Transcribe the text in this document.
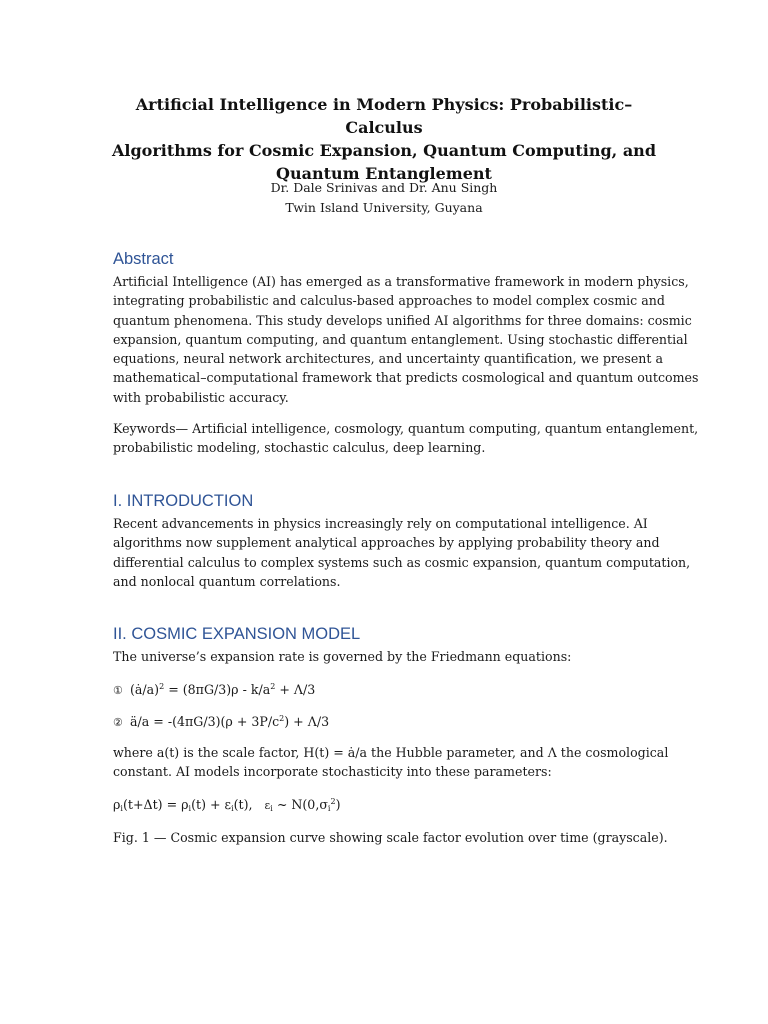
Artificial Intelligence in Modern Physics: Probabilistic–Calculus
Algorithms for Cosmic Expansion, Quantum Computing, and
Quantum Entanglement
Dr. Dale Srinivas and Dr. Anu Singh
Twin Island University, Guyana
Abstract
Artificial Intelligence (AI) has emerged as a transformative framework in modern physics,
integrating probabilistic and calculus-based approaches to model complex cosmic and
quantum phenomena. This study develops unified AI algorithms for three domains: cosmic
expansion, quantum computing, and quantum entanglement. Using stochastic differential
equations, neural network architectures, and uncertainty quantification, we present a
mathematical–computational framework that predicts cosmological and quantum outcomes
with probabilistic accuracy.
Keywords— Artificial intelligence, cosmology, quantum computing, quantum entanglement,
probabilistic modeling, stochastic calculus, deep learning.
I. INTRODUCTION
Recent advancements in physics increasingly rely on computational intelligence. AI
algorithms now supplement analytical approaches by applying probability theory and
differential calculus to complex systems such as cosmic expansion, quantum computation,
and nonlocal quantum correlations.
II. COSMIC EXPANSION MODEL
The universe’s expansion rate is governed by the Friedmann equations:
① (ȧ/a)$^2$ = $(8\pi G/3)\rho - k/a^2 + \Lambda/3$
② ä/a = $-(4\pi G/3)(\rho + 3P/c^2) + \Lambda/3$
where a(t) is the scale factor, H(t) = ȧ/a the Hubble parameter, and Λ the cosmological
constant. AI models incorporate stochasticity into these parameters:
$\rho_i(t+\Delta t) = \rho_i(t) + \varepsilon_i(t)$,   $\varepsilon_i$ ~ $N(0,\sigma_i^2)$
Fig. 1 — Cosmic expansion curve showing scale factor evolution over time (grayscale).
